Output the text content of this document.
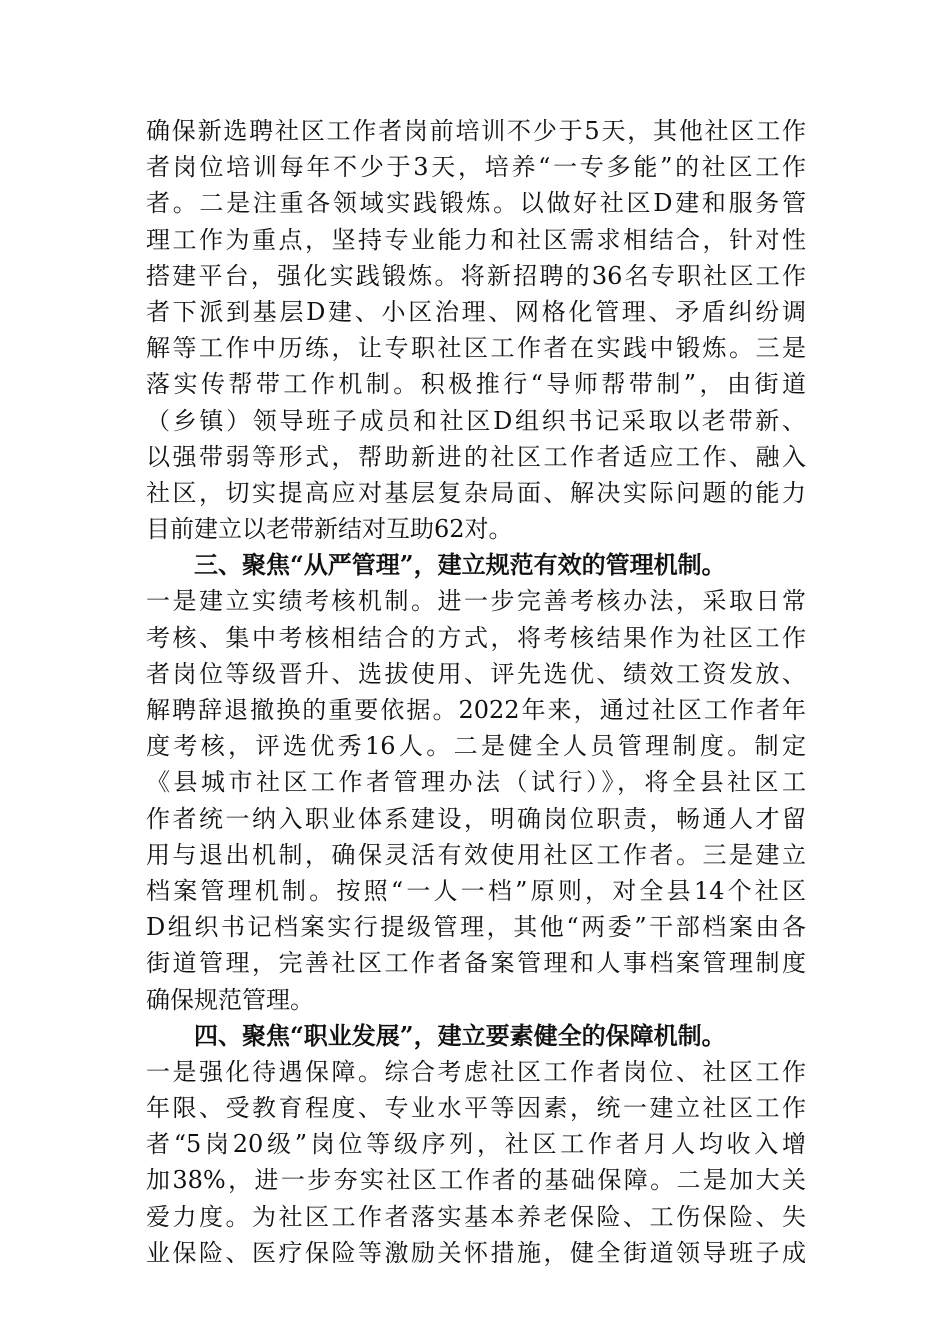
确保新选聘社区工作者岗前培训不少于5天，其他社区工作
者岗位培训每年不少于3天，培养“一专多能”的社区工作
者。二是注重各领域实践锻炼。以做好社区D建和服务管
理工作为重点，坚持专业能力和社区需求相结合，针对性
搭建平台，强化实践锻炼。将新招聘的36名专职社区工作
者下派到基层D建、小区治理、网格化管理、矛盾纠纷调
解等工作中历练，让专职社区工作者在实践中锻炼。三是
落实传帮带工作机制。积极推行“导师帮带制”，由街道
（乡镇）领导班子成员和社区D组织书记采取以老带新、
以强带弱等形式，帮助新进的社区工作者适应工作、融入
社区，切实提高应对基层复杂局面、解决实际问题的能力
目前建立以老带新结对互助62对。
三、聚焦“从严管理”，建立规范有效的管理机制。
一是建立实绩考核机制。进一步完善考核办法，采取日常
考核、集中考核相结合的方式，将考核结果作为社区工作
者岗位等级晋升、选拔使用、评先选优、绩效工资发放、
解聘辞退撤换的重要依据。2022年来，通过社区工作者年
度考核，评选优秀16人。二是健全人员管理制度。制定
《县城市社区工作者管理办法（试行）》，将全县社区工
作者统一纳入职业体系建设，明确岗位职责，畅通人才留
用与退出机制，确保灵活有效使用社区工作者。三是建立
档案管理机制。按照“一人一档”原则，对全县14个社区
D组织书记档案实行提级管理，其他“两委”干部档案由各
街道管理，完善社区工作者备案管理和人事档案管理制度
确保规范管理。
四、聚焦“职业发展”，建立要素健全的保障机制。
一是强化待遇保障。综合考虑社区工作者岗位、社区工作
年限、受教育程度、专业水平等因素，统一建立社区工作
者“5岗20级”岗位等级序列，社区工作者月人均收入增
加38%，进一步夯实社区工作者的基础保障。二是加大关
爱力度。为社区工作者落实基本养老保险、工伤保险、失
业保险、医疗保险等激励关怀措施，健全街道领导班子成
